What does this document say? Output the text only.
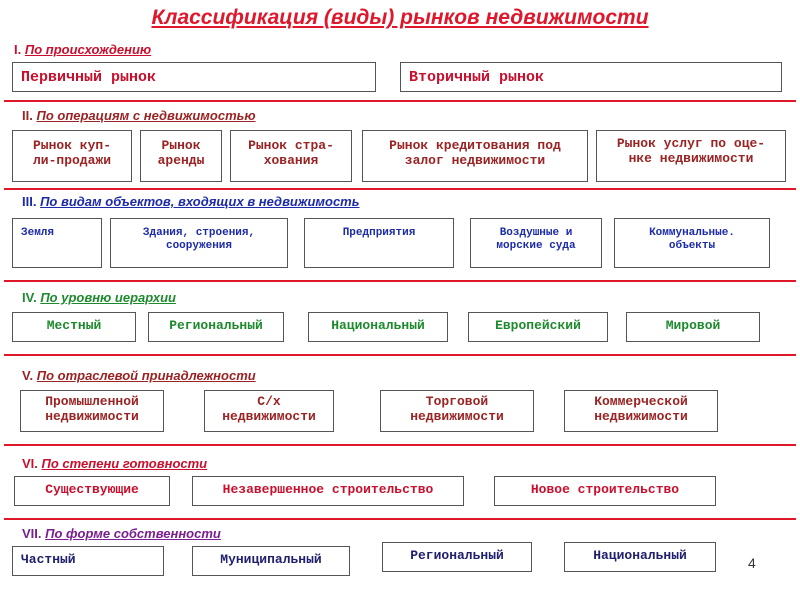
Классификация (виды) рынков недвижимости
I. По происхождению
Первичный рынок	Вторичный рынок
II. По операциям с недвижимостью
Рынок куп-
ли-продажи
Рынок
аренды
Рынок стра-
хования
Рынок кредитования под
залог недвижимости
Рынок услуг по оце-
нке недвижимости
III. По видам объектов, входящих в недвижимость
Земля	Здания, строения,
сооружения
Предприятия	Воздушные и
морские суда
Коммунальные.
объекты
IV. По уровню иерархии
Местный	Региональный	Национальный	Европейский	Мировой
V. По отраслевой принадлежности
Промышленной
недвижимости
С/х
недвижимости
Торговой
недвижимости
Коммерческой
недвижимости
VI. По степени готовности
Существующие	Незавершенное строительство	Новое строительство
VII. По форме собственности
Частный	Муниципальный	Региональный	Национальный	4
